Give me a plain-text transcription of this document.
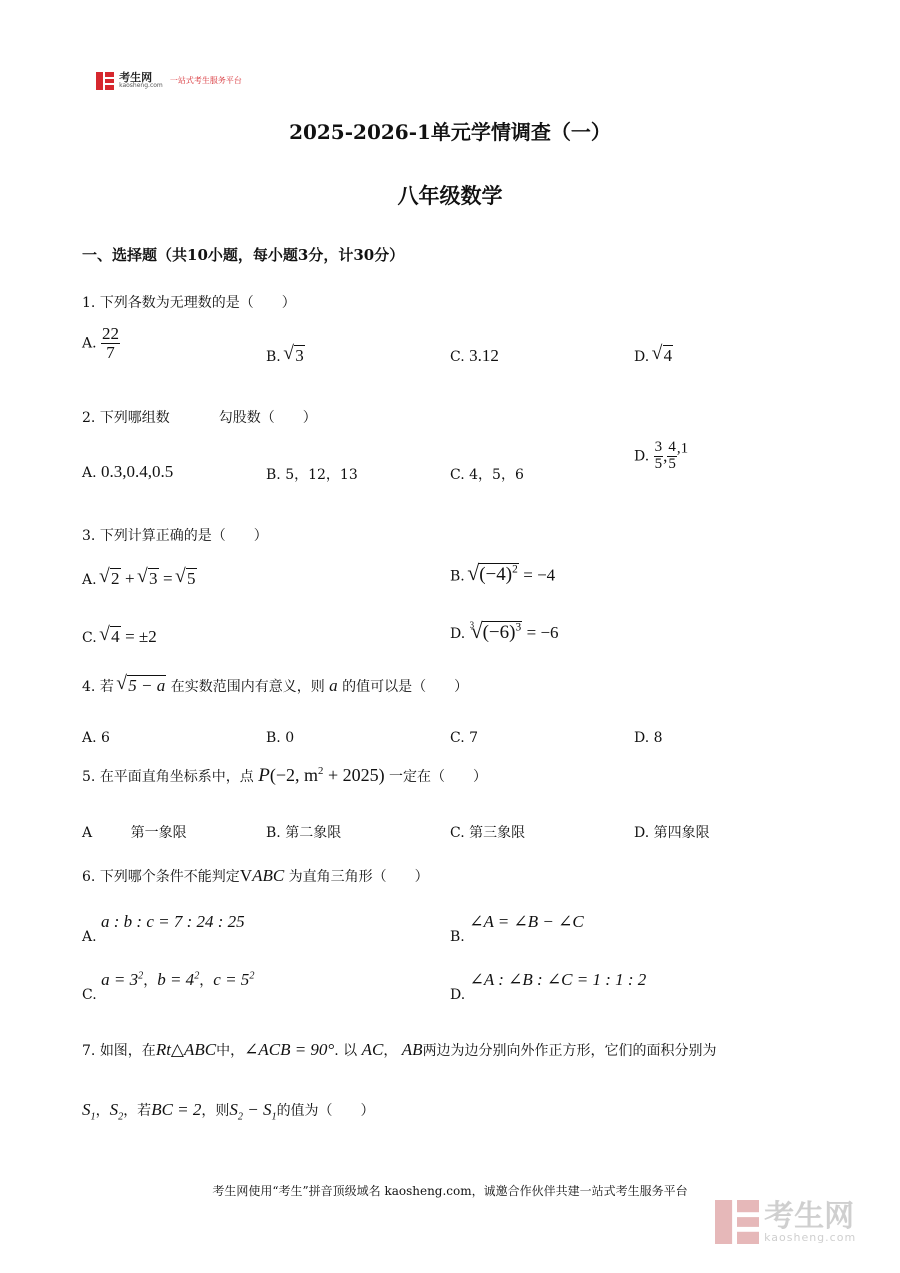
考生网
kaosheng.com
一站式考生服务平台
2025-2026-1单元学情调查（一）
八年级数学
一、选择题（共10小题，每小题3分，计30分）
1. 下列各数为无理数的是（　　）
A. $\frac{22}{7}$	B. √ 3	C. 3.12	D. √ 4
2. 下列哪组数	勾股数（　　）
A. 0.3,0.4,0.5	B. 5，12，13	C. 4，5，6
D. $\frac{3}{5}$ , $\frac{4}{5} ,1$
3. 下列计算正确的是（　　）
A. √ 2 + √ 3 = √ 5	B. √ $(-4)^2 = -4$
C. √ 4 = ±2	D. $^3$ √ $(-6)^3 = -6$
4. 若 √ 5 − a 在实数范围内有意义，则 a 的值可以是（　　）
A. 6	B. 0	C. 7	D. 8
5. 在平面直角坐标系中，点 P(−2, $m^2 + 2025$) 一定在（　　）
A	第一象限	B. 第二象限	C. 第三象限	D. 第四象限
6. 下列哪个条件不能判定VABC 为直角三角形（　　）
A. a : b : c = 7 : 24 : 25
B. ∠A = ∠B − ∠C
C. $a = 3^2$，$b = 4^2$，$c = 5^2$
D. ∠A : ∠B : ∠C = 1 : 1 : 2
7. 如图，在Rt△ABC中，∠ACB = 90°. 以 AC， AB两边为边分别向外作正方形，它们的面积分别为
$S_1$，$S_2$，若BC = 2，则$S_2 - S_1$的值为（　　）
考生网使用“考生”拼音顶级域名 kaosheng.com，诚邀合作伙伴共建一站式考生服务平台

考生网
kaosheng.com
